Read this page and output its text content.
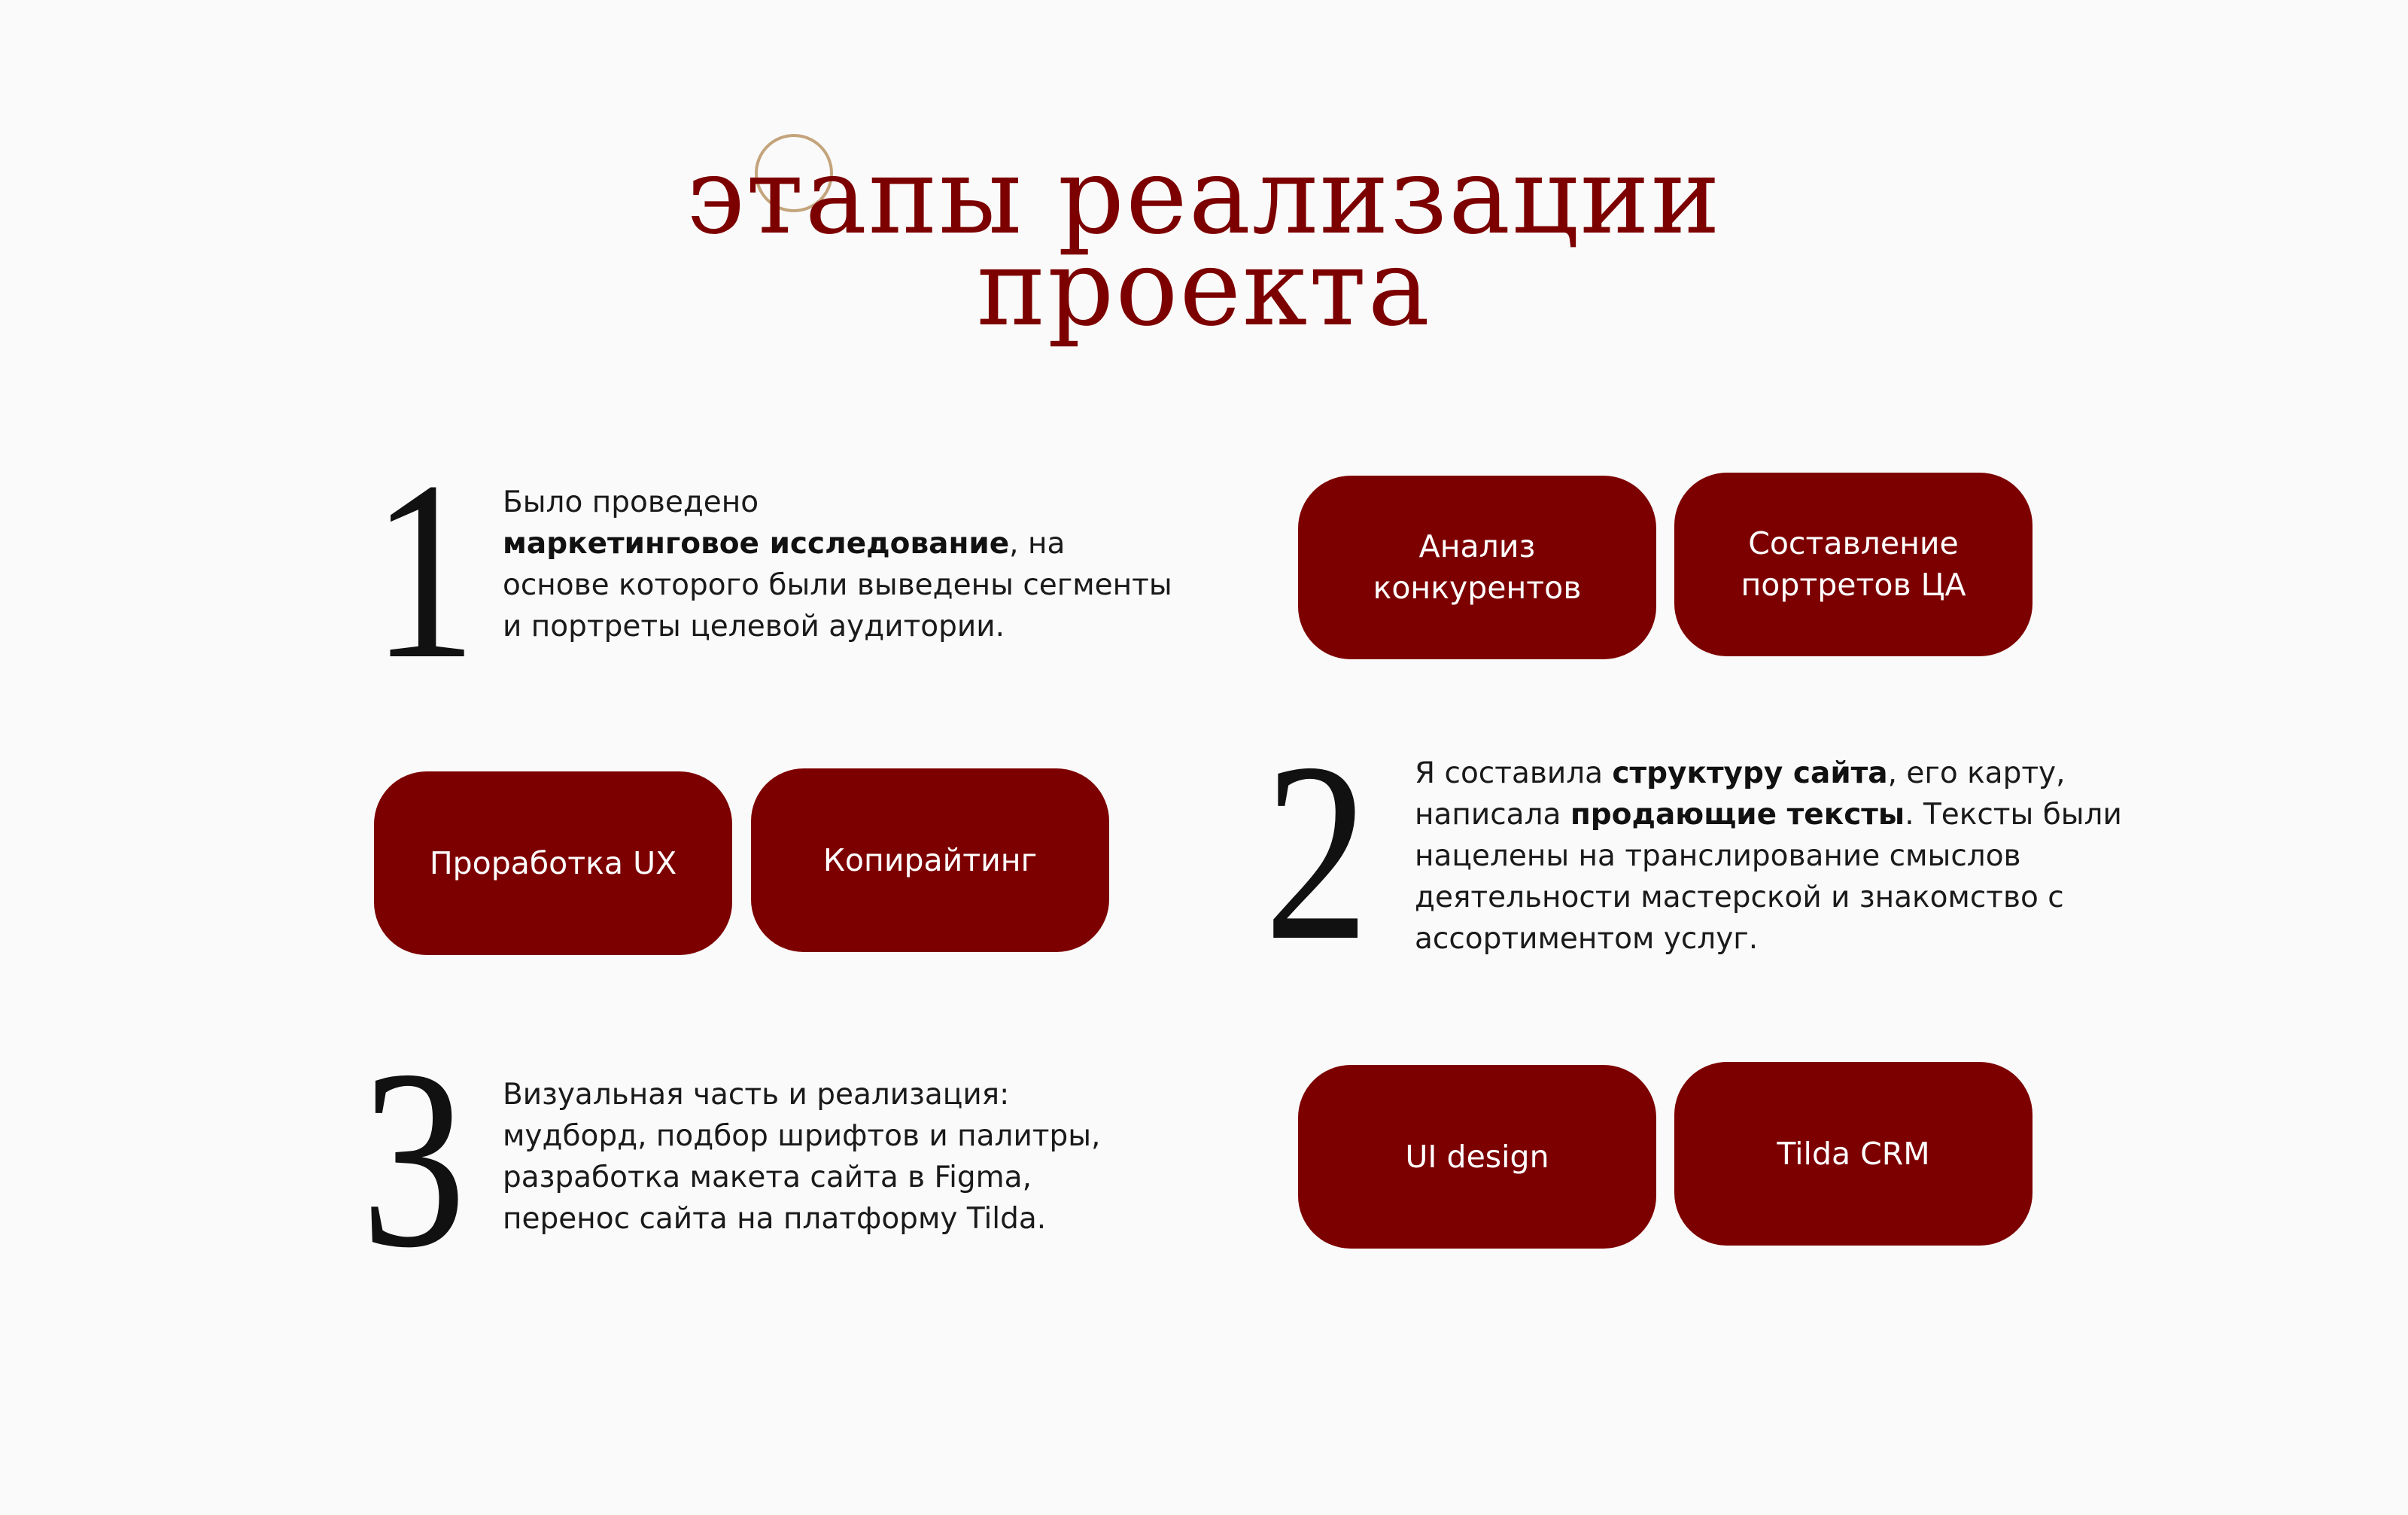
этапы реализации
проекта
1 Было проведено
маркетинговое исследование, на основе которого были выведены сегменты и портреты целевой аудитории.
Анализ конкурентов
Составление портретов ЦА
Проработка UX	Копирайтинг 2 Я составила структуру сайта, его карту, написала продающие тексты. Тексты были нацелены на транслирование смыслов деятельности мастерской и знакомство с ассортиментом услуг.
3 Визуальная часть и реализация: мудборд, подбор шрифтов и палитры, разработка макета сайта в Figma, перенос сайта на платформу Tilda.
UI design	Tilda CRM
